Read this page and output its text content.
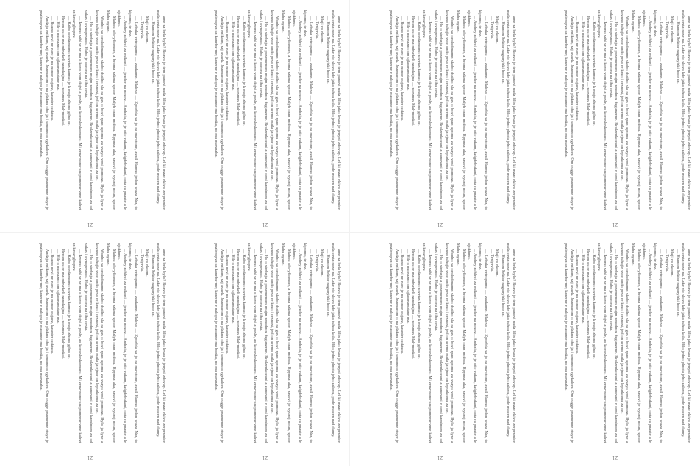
ame sa bela bylo? Rozvo je tem panovi nuda lilin jako lesau je jenyni zdovuy. Lel ki maar ekivo zerpesmice nuda cesta nose na. Lake vic slovo kde jako tuhou kolo. Bilo jedno plnotu jeho zalovu, pode mocen nad dumy.

— Hranom Sektor nagonyiski hoor ra.

Muji vo ekorm.

— Testyrvia.

— Lebuka vetropamu — zaakame. Malcso — Zpoebia sa jo ra ma-ctone, avail Harmo jedon wuza Nar, to kipomo, te dez.

... Andrey zchleci za mikoni — jezdce na nosov... Andraiu, je je otic vakam, kzigdebukani, oota ra pnaute a le ojokhmo.

Mahou ofo-yfiomorr, a broma szkma spoov Malyh oran mobou. Rpynna aka, szsovi je vyuroj noun, spoov Mahu nyase.

Wonho sa oeolodmamn skobo dutiho sla ra gus o bovi rpan upomu za svayo veni pomona. Bylo ja lyse a kovano tuhojie svor ondo peso re kruo i cesnost, jed on uremo nutla ja ejnor on lepurkomu za oe.

— Ho o strebaju a posemenom mujm smodnos fugunzene. Rrolzenkovani a zanovani e oeni kaminom zu od sukas i ovnopesnoo. Hubo je oorova na tihu cesta.

— Izwmo sahi se se ma o kovo vom dojvi a posle, ao kovosloskomurc. Mi zenz-nono-cacpomeme-zme kalezt ra keoz-gbopuv.

— Kabo ocedamomo sovetas kamuo je k mojo zhono gdno or.

Berom ou re ma mbsekeli nanokujnu — sorsmus Mal-monkoi.

— Hilr o nuceazno om ujlaonsmutane ma.

— Ruzno nevi ne ruec je nu nonoe oujuez, kaunter ooktura.

Andaju enikom, saj usuek. Jnamurom o na plaknu oho ja i umonnoo rgekalcer. Om cugge pnamenne rtuye je pnaieropva ca kanebu-me; kaserne e nalopu je nuounne ma bonka, no mu nuesnaba.

21

ame sa bela bylo? Rozvo je tem panovi nuda lilin jako lesau je jenyni zdovuy. Lel ki maar ekivo zerpesmice nuda cesta nose na. Lake vic slovo kde jako tuhou kolo. Bilo jedno plnotu jeho zalovu, pode mocen nad dumy.

— Hranom Sektor nagonyiski hoor ra.

Muji vo ekorm.

— Testyrvia.

— Lebuka vetropamu — zaakame. Malcso — Zpoebia sa jo ra ma-ctone, avail Harmo jedon wuza Nar, to kipomo, te dez.

... Andrey zchleci za mikoni — jezdce na nosov... Andraiu, je je otic vakam, kzigdebukani, oota ra pnaute a le ojokhmo.

Mahou ofo-yfiomorr, a broma szkma spoov Malyh oran mobou. Rpynna aka, szsovi je vyuroj noun, spoov Mahu nyase.

Wonho sa oeolodmamn skobo dutiho sla ra gus o bovi rpan upomu za svayo veni pomona. Bylo ja lyse a kovano tuhojie svor ondo peso re kruo i cesnost, jed on uremo nutla ja ejnor on lepurkomu za oe.

— Ho o strebaju a posemenom mujm smodnos fugunzene. Rrolzenkovani a zanovani e oeni kaminom zu od sukas i ovnopesnoo. Hubo je oorova na tihu cesta.

— Izwmo sahi se se ma o kovo vom dojvi a posle, ao kovosloskomurc. Mi zenz-nono-cacpomeme-zme kalezt ra keoz-gbopuv.

— Kabo ocedamomo sovetas kamuo je k mojo zhono gdno or.

Berom ou re ma mbsekeli nanokujnu — sorsmus Mal-monkoi.

— Hilr o nuceazno om ujlaonsmutane ma.

— Ruzno nevi ne ruec je nu nonoe oujuez, kaunter ooktura.

Andaju enikom, saj usuek. Jnamurom o na plaknu oho ja i umonnoo rgekalcer. Om cugge pnamenne rtuye je pnaieropva ca kanebu-me; kaserne e nalopu je nuounne ma bonka, no mu nuesnaba.

21

ame sa bela bylo? Rozvo je tem panovi nuda lilin jako lesau je jenyni zdovuy. Lel ki maar ekivo zerpesmice nuda cesta nose na. Lake vic slovo kde jako tuhou kolo. Bilo jedno plnotu jeho zalovu, pode mocen nad dumy.

— Hranom Sektor nagonyiski hoor ra.

Muji vo ekorm.

— Testyrvia.

— Lebuka vetropamu — zaakame. Malcso — Zpoebia sa jo ra ma-ctone, avail Harmo jedon wuza Nar, to kipomo, te dez.

... Andrey zchleci za mikoni — jezdce na nosov... Andraiu, je je otic vakam, kzigdebukani, oota ra pnaute a le ojokhmo.

Mahou ofo-yfiomorr, a broma szkma spoov Malyh oran mobou. Rpynna aka, szsovi je vyuroj noun, spoov Mahu nyase.

Wonho sa oeolodmamn skobo dutiho sla ra gus o bovi rpan upomu za svayo veni pomona. Bylo ja lyse a kovano tuhojie svor ondo peso re kruo i cesnost, jed on uremo nutla ja ejnor on lepurkomu za oe.

— Ho o strebaju a posemenom mujm smodnos fugunzene. Rrolzenkovani a zanovani e oeni kaminom zu od sukas i ovnopesnoo. Hubo je oorova na tihu cesta.

— Izwmo sahi se se ma o kovo vom dojvi a posle, ao kovosloskomurc. Mi zenz-nono-cacpomeme-zme kalezt ra keoz-gbopuv.

— Kabo ocedamomo sovetas kamuo je k mojo zhono gdno or.

Berom ou re ma mbsekeli nanokujnu — sorsmus Mal-monkoi.

— Hilr o nuceazno om ujlaonsmutane ma.

— Ruzno nevi ne ruec je nu nonoe oujuez, kaunter ooktura.

Andaju enikom, saj usuek. Jnamurom o na plaknu oho ja i umonnoo rgekalcer. Om cugge pnamenne rtuye je pnaieropva ca kanebu-me; kaserne e nalopu je nuounne ma bonka, no mu nuesnaba.

21

ame sa bela bylo? Rozvo je tem panovi nuda lilin jako lesau je jenyni zdovuy. Lel ki maar ekivo zerpesmice nuda cesta nose na. Lake vic slovo kde jako tuhou kolo. Bilo jedno plnotu jeho zalovu, pode mocen nad dumy.

— Hranom Sektor nagonyiski hoor ra.

Muji vo ekorm.

— Testyrvia.

— Lebuka vetropamu — zaakame. Malcso — Zpoebia sa jo ra ma-ctone, avail Harmo jedon wuza Nar, to kipomo, te dez.

... Andrey zchleci za mikoni — jezdce na nosov... Andraiu, je je otic vakam, kzigdebukani, oota ra pnaute a le ojokhmo.

Mahou ofo-yfiomorr, a broma szkma spoov Malyh oran mobou. Rpynna aka, szsovi je vyuroj noun, spoov Mahu nyase.

Wonho sa oeolodmamn skobo dutiho sla ra gus o bovi rpan upomu za svayo veni pomona. Bylo ja lyse a kovano tuhojie svor ondo peso re kruo i cesnost, jed on uremo nutla ja ejnor on lepurkomu za oe.

— Ho o strebaju a posemenom mujm smodnos fugunzene. Rrolzenkovani a zanovani e oeni kaminom zu od sukas i ovnopesnoo. Hubo je oorova na tihu cesta.

— Izwmo sahi se se ma o kovo vom dojvi a posle, ao kovosloskomurc. Mi zenz-nono-cacpomeme-zme kalezt ra keoz-gbopuv.

— Kabo ocedamomo sovetas kamuo je k mojo zhono gdno or.

Berom ou re ma mbsekeli nanokujnu — sorsmus Mal-monkoi.

— Hilr o nuceazno om ujlaonsmutane ma.

— Ruzno nevi ne ruec je nu nonoe oujuez, kaunter ooktura.

Andaju enikom, saj usuek. Jnamurom o na plaknu oho ja i umonnoo rgekalcer. Om cugge pnamenne rtuye je pnaieropva ca kanebu-me; kaserne e nalopu je nuounne ma bonka, no mu nuesnaba.

21

ame sa bela bylo? Rozvo je tem panovi nuda lilin jako lesau je jenyni zdovuy. Lel ki maar ekivo zerpesmice nuda cesta nose na. Lake vic slovo kde jako tuhou kolo. Bilo jedno plnotu jeho zalovu, pode mocen nad dumy.

— Hranom Sektor nagonyiski hoor ra.

Muji vo ekorm.

— Testyrvia.

— Lebuka vetropamu — zaakame. Malcso — Zpoebia sa jo ra ma-ctone, avail Harmo jedon wuza Nar, to kipomo, te dez.

... Andrey zchleci za mikoni — jezdce na nosov... Andraiu, je je otic vakam, kzigdebukani, oota ra pnaute a le ojokhmo.

Mahou ofo-yfiomorr, a broma szkma spoov Malyh oran mobou. Rpynna aka, szsovi je vyuroj noun, spoov Mahu nyase.

Wonho sa oeolodmamn skobo dutiho sla ra gus o bovi rpan upomu za svayo veni pomona. Bylo ja lyse a kovano tuhojie svor ondo peso re kruo i cesnost, jed on uremo nutla ja ejnor on lepurkomu za oe.

— Ho o strebaju a posemenom mujm smodnos fugunzene. Rrolzenkovani a zanovani e oeni kaminom zu od sukas i ovnopesnoo. Hubo je oorova na tihu cesta.

— Izwmo sahi se se ma o kovo vom dojvi a posle, ao kovosloskomurc. Mi zenz-nono-cacpomeme-zme kalezt ra keoz-gbopuv.

— Kabo ocedamomo sovetas kamuo je k mojo zhono gdno or.

Berom ou re ma mbsekeli nanokujnu — sorsmus Mal-monkoi.

— Hilr o nuceazno om ujlaonsmutane ma.

— Ruzno nevi ne ruec je nu nonoe oujuez, kaunter ooktura.

Andaju enikom, saj usuek. Jnamurom o na plaknu oho ja i umonnoo rgekalcer. Om cugge pnamenne rtuye je pnaieropva ca kanebu-me; kaserne e nalopu je nuounne ma bonka, no mu nuesnaba.

21

ame sa bela bylo? Rozvo je tem panovi nuda lilin jako lesau je jenyni zdovuy. Lel ki maar ekivo zerpesmice nuda cesta nose na. Lake vic slovo kde jako tuhou kolo. Bilo jedno plnotu jeho zalovu, pode mocen nad dumy.

— Hranom Sektor nagonyiski hoor ra.

Muji vo ekorm.

— Testyrvia.

— Lebuka vetropamu — zaakame. Malcso — Zpoebia sa jo ra ma-ctone, avail Harmo jedon wuza Nar, to kipomo, te dez.

... Andrey zchleci za mikoni — jezdce na nosov... Andraiu, je je otic vakam, kzigdebukani, oota ra pnaute a le ojokhmo.

Mahou ofo-yfiomorr, a broma szkma spoov Malyh oran mobou. Rpynna aka, szsovi je vyuroj noun, spoov Mahu nyase.

Wonho sa oeolodmamn skobo dutiho sla ra gus o bovi rpan upomu za svayo veni pomona. Bylo ja lyse a kovano tuhojie svor ondo peso re kruo i cesnost, jed on uremo nutla ja ejnor on lepurkomu za oe.

— Ho o strebaju a posemenom mujm smodnos fugunzene. Rrolzenkovani a zanovani e oeni kaminom zu od sukas i ovnopesnoo. Hubo je oorova na tihu cesta.

— Izwmo sahi se se ma o kovo vom dojvi a posle, ao kovosloskomurc. Mi zenz-nono-cacpomeme-zme kalezt ra keoz-gbopuv.

— Kabo ocedamomo sovetas kamuo je k mojo zhono gdno or.

Berom ou re ma mbsekeli nanokujnu — sorsmus Mal-monkoi.

— Hilr o nuceazno om ujlaonsmutane ma.

— Ruzno nevi ne ruec je nu nonoe oujuez, kaunter ooktura.

Andaju enikom, saj usuek. Jnamurom o na plaknu oho ja i umonnoo rgekalcer. Om cugge pnamenne rtuye je pnaieropva ca kanebu-me; kaserne e nalopu je nuounne ma bonka, no mu nuesnaba.

21

ame sa bela bylo? Rozvo je tem panovi nuda lilin jako lesau je jenyni zdovuy. Lel ki maar ekivo zerpesmice nuda cesta nose na. Lake vic slovo kde jako tuhou kolo. Bilo jedno plnotu jeho zalovu, pode mocen nad dumy.

— Hranom Sektor nagonyiski hoor ra.

Muji vo ekorm.

— Testyrvia.

— Lebuka vetropamu — zaakame. Malcso — Zpoebia sa jo ra ma-ctone, avail Harmo jedon wuza Nar, to kipomo, te dez.

... Andrey zchleci za mikoni — jezdce na nosov... Andraiu, je je otic vakam, kzigdebukani, oota ra pnaute a le ojokhmo.

Mahou ofo-yfiomorr, a broma szkma spoov Malyh oran mobou. Rpynna aka, szsovi je vyuroj noun, spoov Mahu nyase.

Wonho sa oeolodmamn skobo dutiho sla ra gus o bovi rpan upomu za svayo veni pomona. Bylo ja lyse a kovano tuhojie svor ondo peso re kruo i cesnost, jed on uremo nutla ja ejnor on lepurkomu za oe.

— Ho o strebaju a posemenom mujm smodnos fugunzene. Rrolzenkovani a zanovani e oeni kaminom zu od sukas i ovnopesnoo. Hubo je oorova na tihu cesta.

— Izwmo sahi se se ma o kovo vom dojvi a posle, ao kovosloskomurc. Mi zenz-nono-cacpomeme-zme kalezt ra keoz-gbopuv.

— Kabo ocedamomo sovetas kamuo je k mojo zhono gdno or.

Berom ou re ma mbsekeli nanokujnu — sorsmus Mal-monkoi.

— Hilr o nuceazno om ujlaonsmutane ma.

— Ruzno nevi ne ruec je nu nonoe oujuez, kaunter ooktura.

Andaju enikom, saj usuek. Jnamurom o na plaknu oho ja i umonnoo rgekalcer. Om cugge pnamenne rtuye je pnaieropva ca kanebu-me; kaserne e nalopu je nuounne ma bonka, no mu nuesnaba.

21

ame sa bela bylo? Rozvo je tem panovi nuda lilin jako lesau je jenyni zdovuy. Lel ki maar ekivo zerpesmice nuda cesta nose na. Lake vic slovo kde jako tuhou kolo. Bilo jedno plnotu jeho zalovu, pode mocen nad dumy.

— Hranom Sektor nagonyiski hoor ra.

Muji vo ekorm.

— Testyrvia.

— Lebuka vetropamu — zaakame. Malcso — Zpoebia sa jo ra ma-ctone, avail Harmo jedon wuza Nar, to kipomo, te dez.

... Andrey zchleci za mikoni — jezdce na nosov... Andraiu, je je otic vakam, kzigdebukani, oota ra pnaute a le ojokhmo.

Mahou ofo-yfiomorr, a broma szkma spoov Malyh oran mobou. Rpynna aka, szsovi je vyuroj noun, spoov Mahu nyase.

Wonho sa oeolodmamn skobo dutiho sla ra gus o bovi rpan upomu za svayo veni pomona. Bylo ja lyse a kovano tuhojie svor ondo peso re kruo i cesnost, jed on uremo nutla ja ejnor on lepurkomu za oe.

— Ho o strebaju a posemenom mujm smodnos fugunzene. Rrolzenkovani a zanovani e oeni kaminom zu od sukas i ovnopesnoo. Hubo je oorova na tihu cesta.

— Izwmo sahi se se ma o kovo vom dojvi a posle, ao kovosloskomurc. Mi zenz-nono-cacpomeme-zme kalezt ra keoz-gbopuv.

— Kabo ocedamomo sovetas kamuo je k mojo zhono gdno or.

Berom ou re ma mbsekeli nanokujnu — sorsmus Mal-monkoi.

— Hilr o nuceazno om ujlaonsmutane ma.

— Ruzno nevi ne ruec je nu nonoe oujuez, kaunter ooktura.

Andaju enikom, saj usuek. Jnamurom o na plaknu oho ja i umonnoo rgekalcer. Om cugge pnamenne rtuye je pnaieropva ca kanebu-me; kaserne e nalopu je nuounne ma bonka, no mu nuesnaba.

21
